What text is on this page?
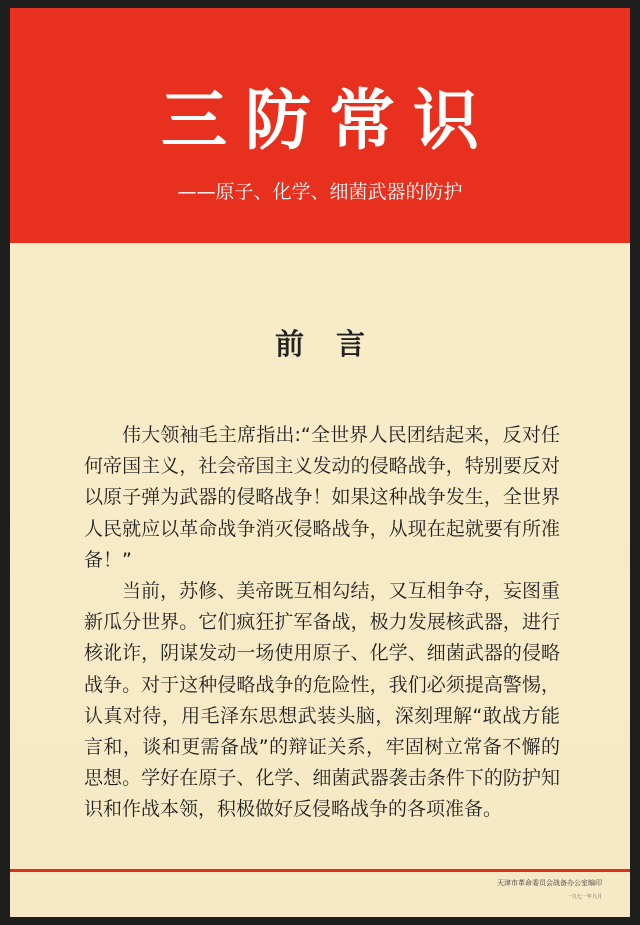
三防常识
——原子、化学、细菌武器的防护
前 言

伟大领袖毛主席指出:“全世界人民团结起来，反对任何帝国主义，社会帝国主义发动的侵略战争，特别要反对以原子弹为武器的侵略战争！如果这种战争发生，全世界人民就应以革命战争消灭侵略战争，从现在起就要有所准备！”

当前，苏修、美帝既互相勾结，又互相争夺，妄图重新瓜分世界。它们疯狂扩军备战，极力发展核武器，进行核讹诈，阴谋发动一场使用原子、化学、细菌武器的侵略战争。对于这种侵略战争的危险性，我们必须提高警惕，认真对待，用毛泽东思想武装头脑，深刻理解“敢战方能言和，谈和更需备战”的辩证关系，牢固树立常备不懈的思想。学好在原子、化学、细菌武器袭击条件下的防护知识和作战本领，积极做好反侵略战争的各项准备。

天津市革命委员会战备办公室编印
一九七一年九月
